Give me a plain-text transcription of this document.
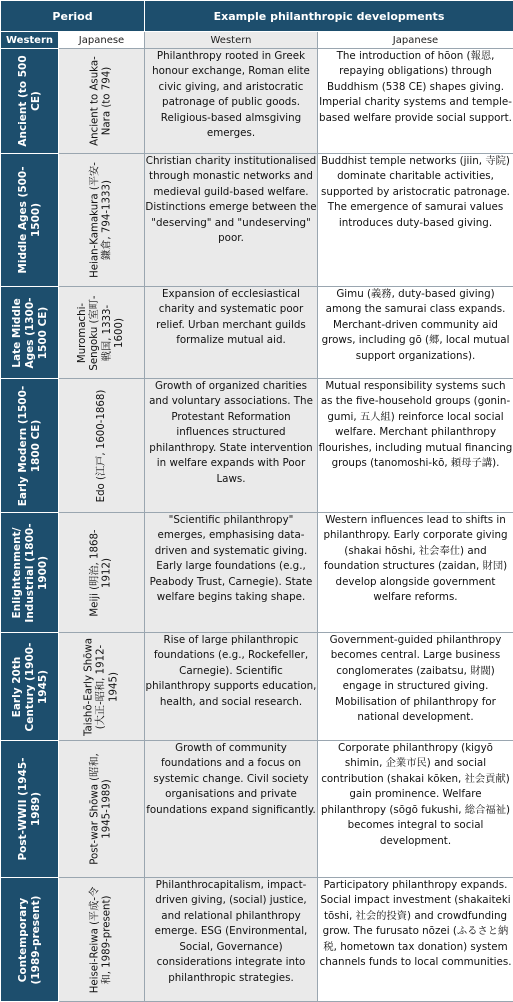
Period		Example philanthropic developments	
Western	Japanese	Western	Japanese

Ancient (to 500 CE)	Ancient to Asuka-Nara (to 794)	Philanthropy rooted in Greek honour exchange, Roman elite civic giving, and aristocratic patronage of public goods. Religious-based almsgiving emerges.	The introduction of hōon (報恩, repaying obligations) through Buddhism (538 CE) shapes giving. Imperial charity systems and temple-based welfare provide social support.

Middle Ages (500-1500)	Heian-Kamakura (平安-鎌倉, 794-1333)	Christian charity institutionalised through monastic networks and medieval guild-based welfare. Distinctions emerge between the "deserving" and "undeserving" poor.	Buddhist temple networks (jiin, 寺院) dominate charitable activities, supported by aristocratic patronage. The emergence of samurai values introduces duty-based giving.

Late Middle Ages (1300-1500 CE)	Muromachi-Sengoku (室町-戦国, 1333-1600)	Expansion of ecclesiastical charity and systematic poor relief. Urban merchant guilds formalize mutual aid.	Gimu (義務, duty-based giving) among the samurai class expands. Merchant-driven community aid grows, including gō (郷, local mutual support organizations).

Early Modern (1500-1800 CE)	Edo (江戸, 1600-1868)	Growth of organized charities and voluntary associations. The Protestant Reformation influences structured philanthropy. State intervention in welfare expands with Poor Laws.	Mutual responsibility systems such as the five-household groups (gonin-gumi, 五人組) reinforce local social welfare. Merchant philanthropy flourishes, including mutual financing groups (tanomoshi-kō, 頼母子講).

Enlightenment/ Industrial (1800-1900)	Meiji (明治, 1868-1912)	"Scientific philanthropy" emerges, emphasising data-driven and systematic giving. Early large foundations (e.g., Peabody Trust, Carnegie). State welfare begins taking shape.	Western influences lead to shifts in philanthropy. Early corporate giving (shakai hōshi, 社会奉仕) and foundation structures (zaidan, 財団) develop alongside government welfare reforms.

Early 20th Century (1900-1945)	Taishō-Early Shōwa (大正-昭和, 1912-1945)	Rise of large philanthropic foundations (e.g., Rockefeller, Carnegie). Scientific philanthropy supports education, health, and social research.	Government-guided philanthropy becomes central. Large business conglomerates (zaibatsu, 財閥) engage in structured giving. Mobilisation of philanthropy for national development.

Post-WWII (1945-1989)	Post-war Shōwa (昭和, 1945-1989)	Growth of community foundations and a focus on systemic change. Civil society organisations and private foundations expand significantly.	Corporate philanthropy (kigyō shimin, 企業市民) and social contribution (shakai kōken, 社会貢献) gain prominence. Welfare philanthropy (sōgō fukushi, 総合福祉) becomes integral to social development.

Contemporary (1989-present)	Heisei-Reiwa (平成-令和, 1989-present)	Philanthrocapitalism, impact-driven giving, (social) justice, and relational philanthropy emerge. ESG (Environmental, Social, Governance) considerations integrate into philanthropic strategies.	Participatory philanthropy expands. Social impact investment (shakaiteki tōshi, 社会的投資) and crowdfunding grow. The furusato nōzei (ふるさと納税, hometown tax donation) system channels funds to local communities.
